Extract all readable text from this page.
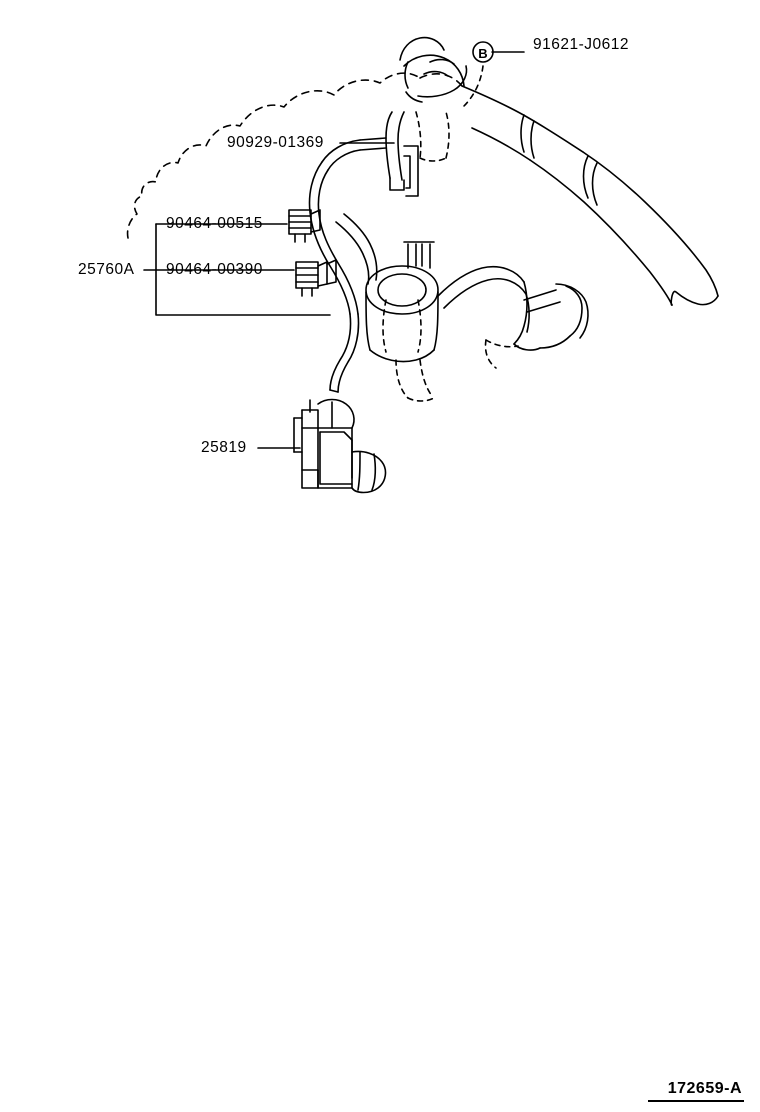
B
91621-J0612
90929-01369
90464-00515
25760A 90464-00390
25819
172659-A
